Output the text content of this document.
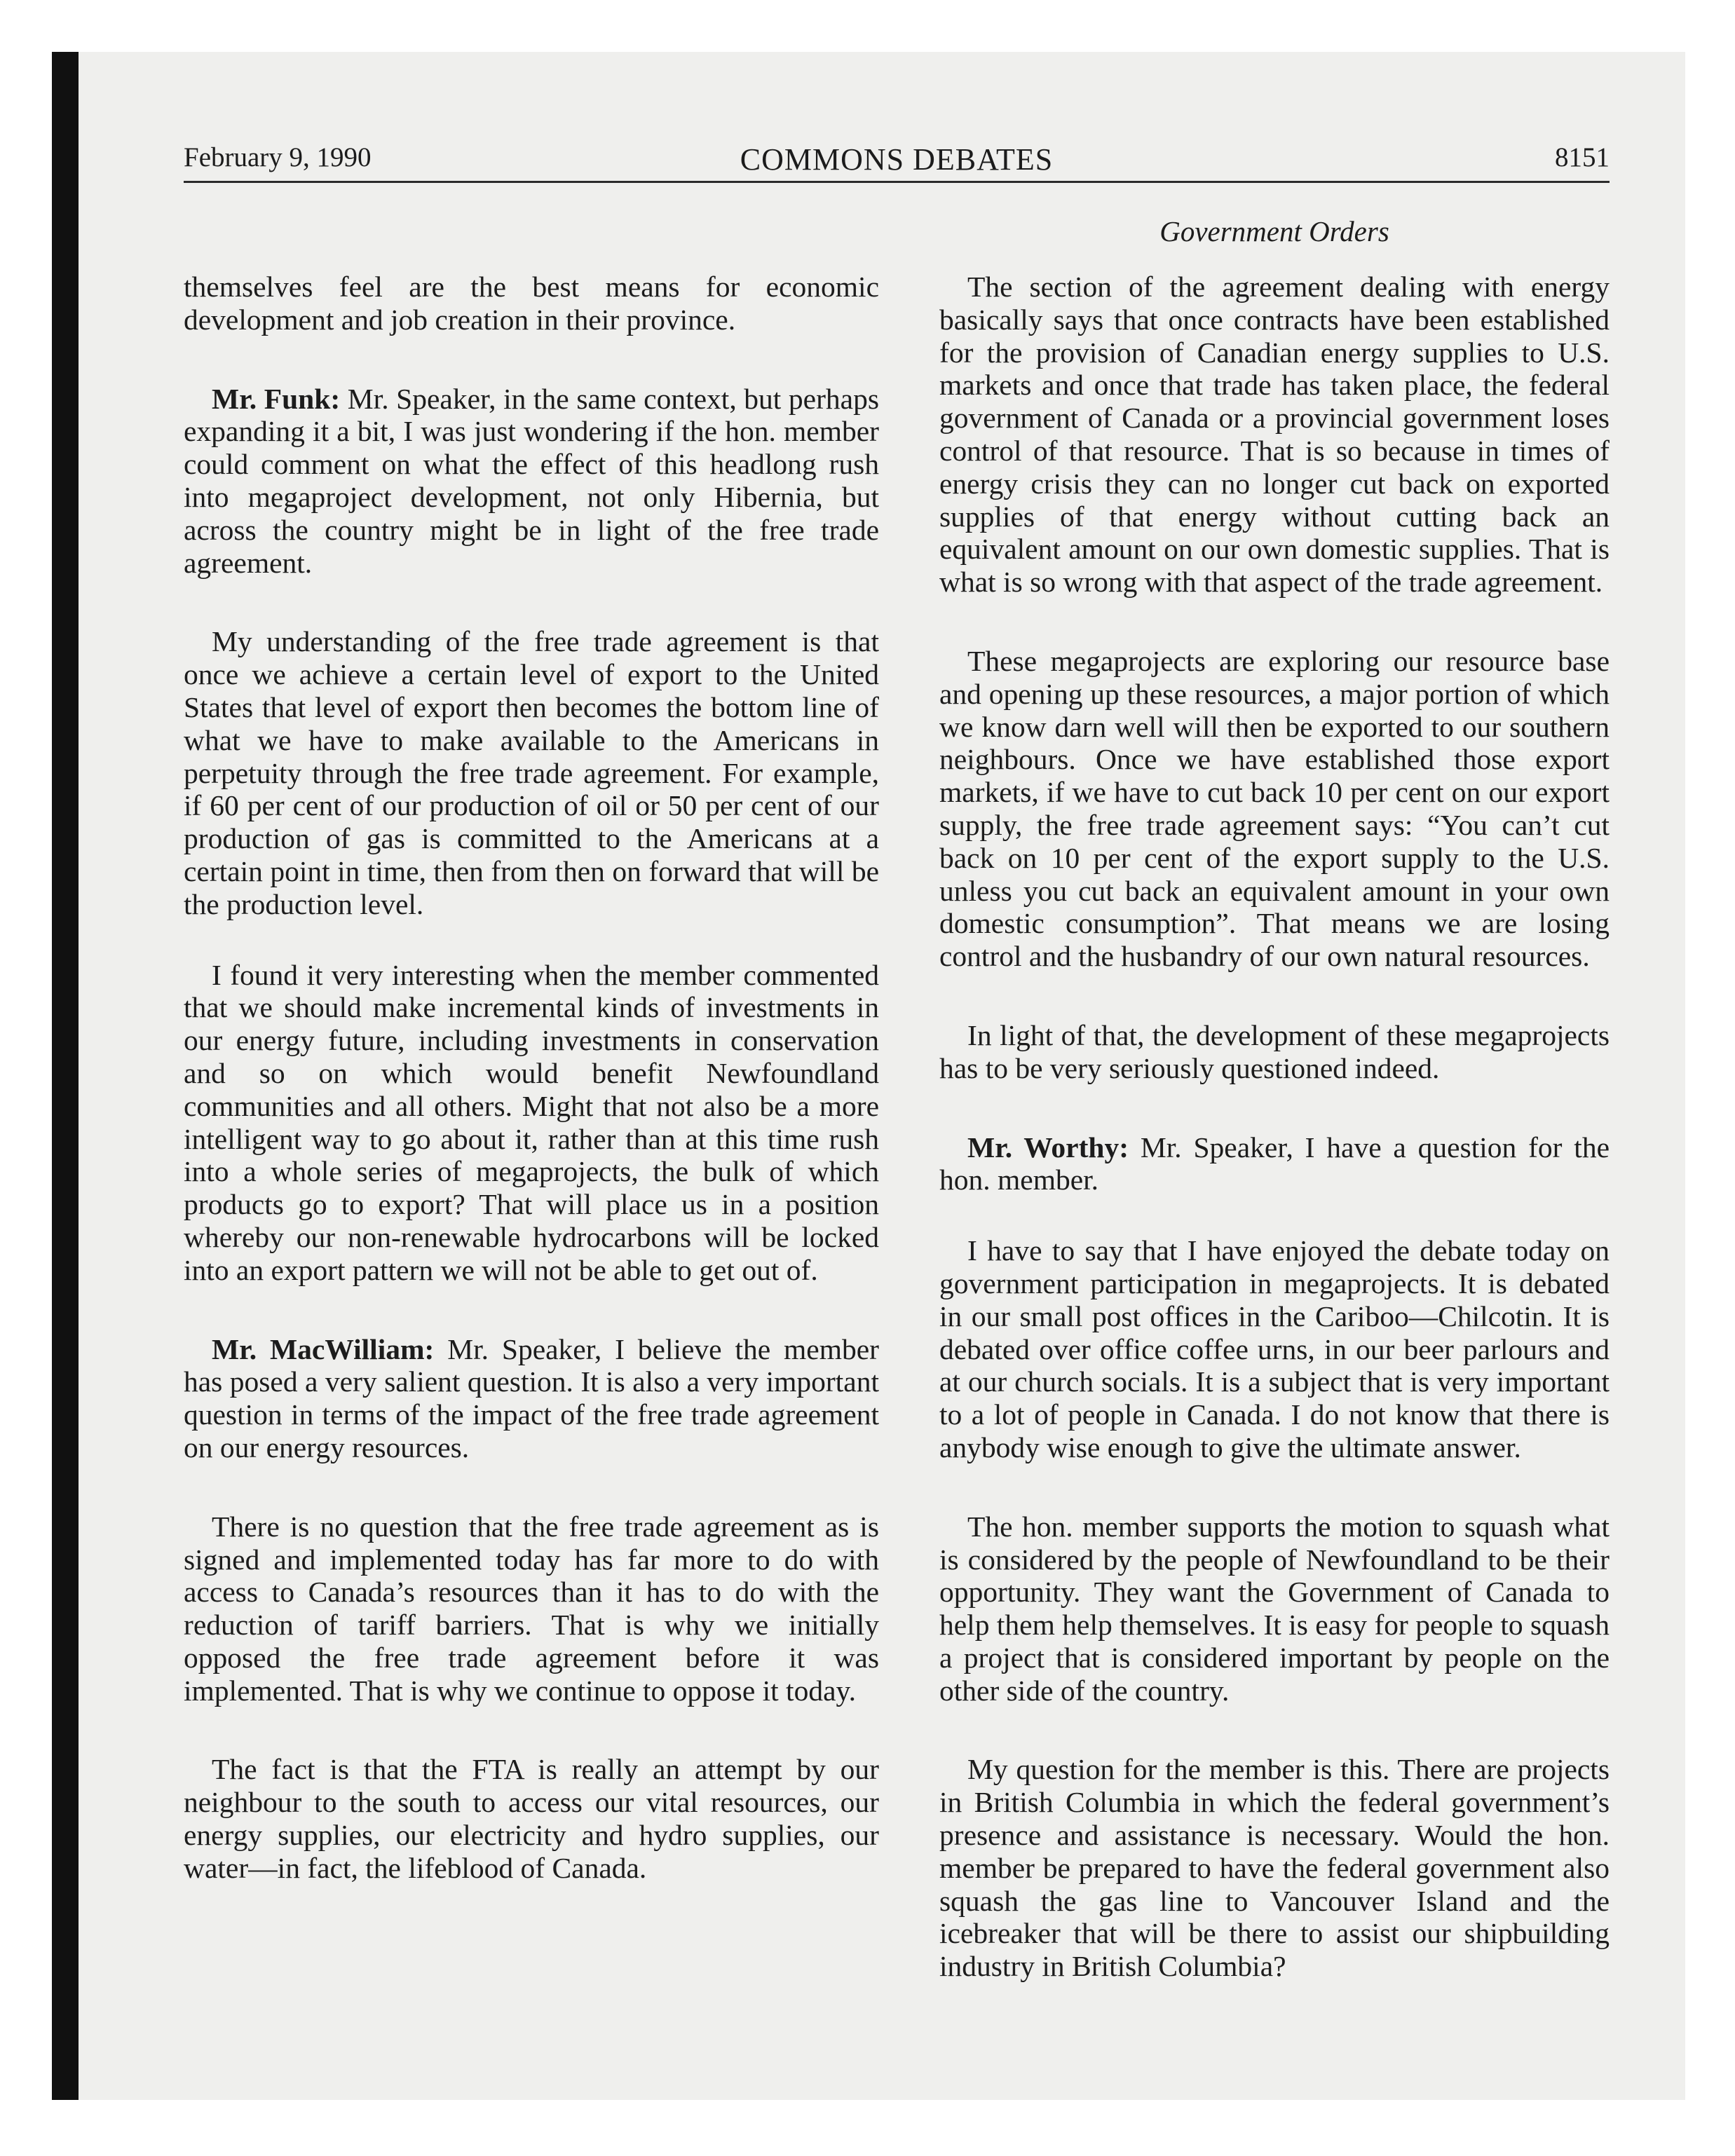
February 9, 1990	COMMONS DEBATES	8151
Government Orders

themselves feel are the best means for economic development and job creation in their province.

Mr. Funk: Mr. Speaker, in the same context, but perhaps expanding it a bit, I was just wondering if the hon. member could comment on what the effect of this headlong rush into megaproject development, not only Hibernia, but across the country might be in light of the free trade agreement.

My understanding of the free trade agreement is that once we achieve a certain level of export to the United States that level of export then becomes the bottom line of what we have to make available to the Americans in perpetuity through the free trade agreement. For example, if 60 per cent of our production of oil or 50 per cent of our production of gas is committed to the Americans at a certain point in time, then from then on forward that will be the production level.

I found it very interesting when the member commented that we should make incremental kinds of investments in our energy future, including investments in conservation and so on which would benefit Newfoundland communities and all others. Might that not also be a more intelligent way to go about it, rather than at this time rush into a whole series of megaprojects, the bulk of which products go to export? That will place us in a position whereby our non-renewable hydrocarbons will be locked into an export pattern we will not be able to get out of.

Mr. MacWilliam: Mr. Speaker, I believe the member has posed a very salient question. It is also a very important question in terms of the impact of the free trade agreement on our energy resources.

There is no question that the free trade agreement as is signed and implemented today has far more to do with access to Canada’s resources than it has to do with the reduction of tariff barriers. That is why we initially opposed the free trade agreement before it was implemented. That is why we continue to oppose it today.

The fact is that the FTA is really an attempt by our neighbour to the south to access our vital resources, our energy supplies, our electricity and hydro supplies, our water—in fact, the lifeblood of Canada.

The section of the agreement dealing with energy basically says that once contracts have been established for the provision of Canadian energy supplies to U.S. markets and once that trade has taken place, the federal government of Canada or a provincial government loses control of that resource. That is so because in times of energy crisis they can no longer cut back on exported supplies of that energy without cutting back an equivalent amount on our own domestic supplies. That is what is so wrong with that aspect of the trade agreement.

These megaprojects are exploring our resource base and opening up these resources, a major portion of which we know darn well will then be exported to our southern neighbours. Once we have established those export markets, if we have to cut back 10 per cent on our export supply, the free trade agreement says: “You can’t cut back on 10 per cent of the export supply to the U.S. unless you cut back an equivalent amount in your own domestic consumption”. That means we are losing control and the husbandry of our own natural resources.

In light of that, the development of these megaprojects has to be very seriously questioned indeed.

Mr. Worthy: Mr. Speaker, I have a question for the hon. member.

I have to say that I have enjoyed the debate today on government participation in megaprojects. It is debated in our small post offices in the Cariboo—Chilcotin. It is debated over office coffee urns, in our beer parlours and at our church socials. It is a subject that is very important to a lot of people in Canada. I do not know that there is anybody wise enough to give the ultimate answer.

The hon. member supports the motion to squash what is considered by the people of Newfoundland to be their opportunity. They want the Government of Canada to help them help themselves. It is easy for people to squash a project that is considered important by people on the other side of the country.

My question for the member is this. There are projects in British Columbia in which the federal government’s presence and assistance is necessary. Would the hon. member be prepared to have the federal government also squash the gas line to Vancouver Island and the icebreaker that will be there to assist our shipbuilding industry in British Columbia?
